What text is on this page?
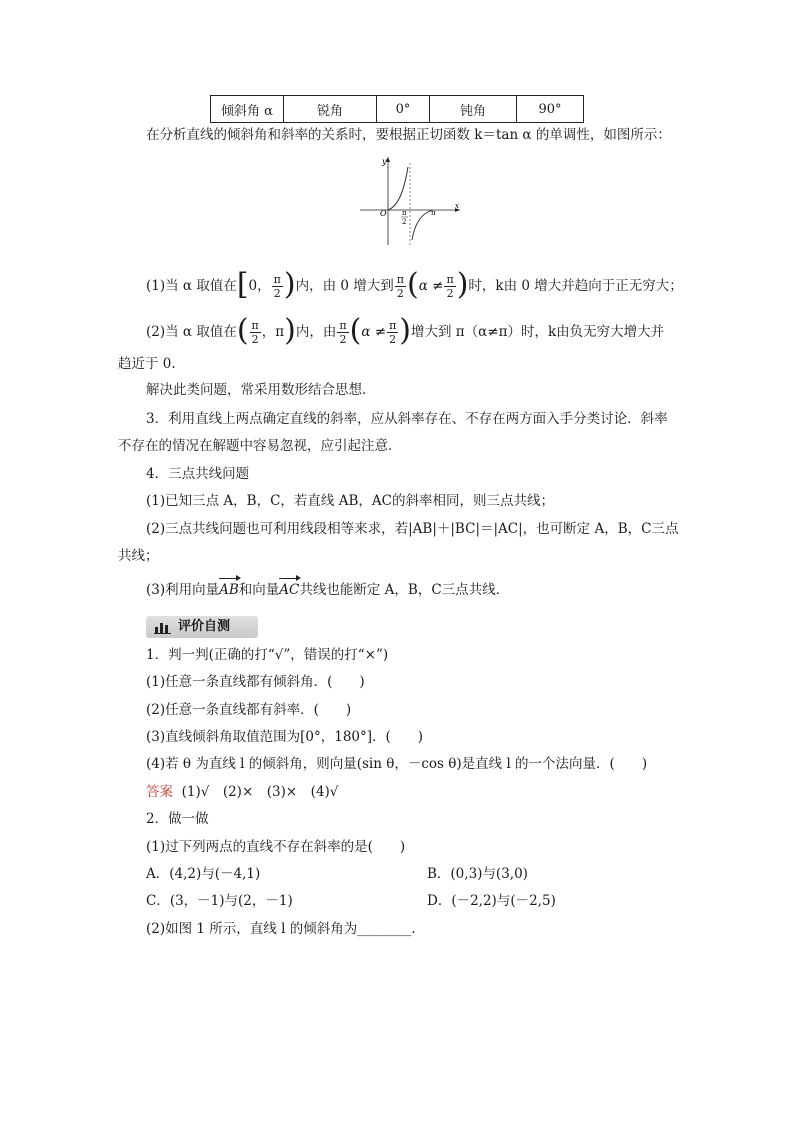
倾斜角 α	锐角	0°	钝角	90°
在分析直线的倾斜角和斜率的关系时，要根据正切函数 k＝tan α 的单调性，如图所示：
y
x
O π
2
π
(1)当 α 取值在[0， $\frac{\pi}{2}$ )内，由 0 增大到 $\frac{\pi}{2} (\alpha \ne \frac{\pi}{2}$ )时，k由 0 增大并趋向于正无穷大；
(2)当 α 取值在( $\frac{\pi}{2}$ ，π)内，由 $\frac{\pi}{2} (\alpha \ne \frac{\pi}{2}$ )增大到 π（α≠π）时，k由负无穷大增大并
趋近于 0.
解决此类问题，常采用数形结合思想．
3．利用直线上两点确定直线的斜率，应从斜率存在、不存在两方面入手分类讨论．斜率
不存在的情况在解题中容易忽视，应引起注意．
4．三点共线问题
(1)已知三点 A，B，C，若直线 AB，AC的斜率相同，则三点共线；
(2)三点共线问题也可利用线段相等来求，若|AB|＋|BC|＝|AC|，也可断定 A，B，C三点
共线；
(3)利用向量AB和向量AC共线也能断定 A，B，C三点共线．
评价自测
1．判一判(正确的打“√”，错误的打“×”)
(1)任意一条直线都有倾斜角．(　　)
(2)任意一条直线都有斜率．(　　)
(3)直线倾斜角取值范围为[0°，180°]．(　　)
(4)若 θ 为直线 l 的倾斜角，则向量(sin θ，－cos θ)是直线 l 的一个法向量．(　　)
答案 (1)√　(2)×　(3)×　(4)√
2．做一做
(1)过下列两点的直线不存在斜率的是(　　)
A．(4,2)与(－4,1)	B．(0,3)与(3,0)
C．(3，－1)与(2，－1)	D．(－2,2)与(－2,5)
(2)如图 1 所示，直线 l 的倾斜角为________.
